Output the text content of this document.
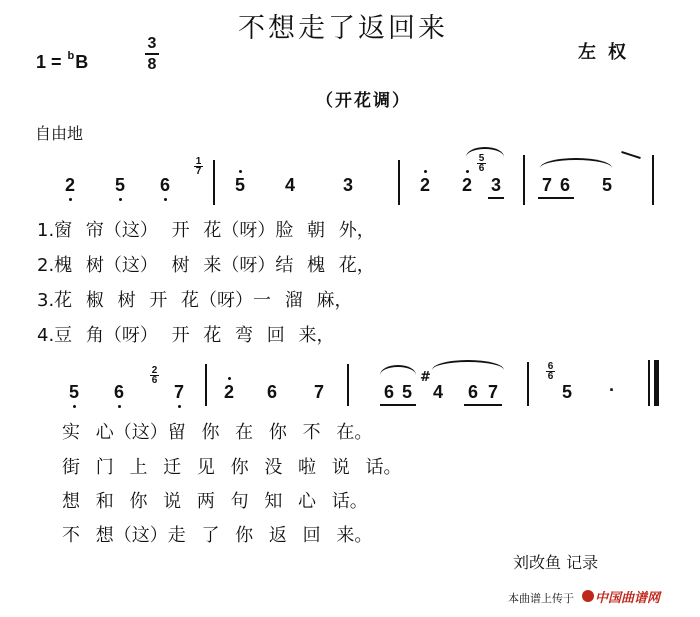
不想走了返回来
1 = $^b$B
3
8
左权
（开花调）
自由地
2 5 6
1
7
5 4	3	2 2
5
6
3 7 6 5
5 6
2
6
7 2 6 7	6 5
#
4 6 7
6
6
5 ·
1.窗 帘（这） 开 花（呀）脸 朝 外，
2.槐 树（这） 树 来（呀）结 槐 花，
3.花 椒 树 开 花（呀）一 溜 麻，
4.豆 角（呀） 开 花 弯 回 来，
实 心（这）留 你 在 你 不 在。
街 门 上 迁 见 你 没 啦 说 话。
想 和 你 说 两 句 知 心 话。
不 想（这）走 了 你 返 回 来。
刘改鱼 记录
本曲谱上传于 中国曲谱网
